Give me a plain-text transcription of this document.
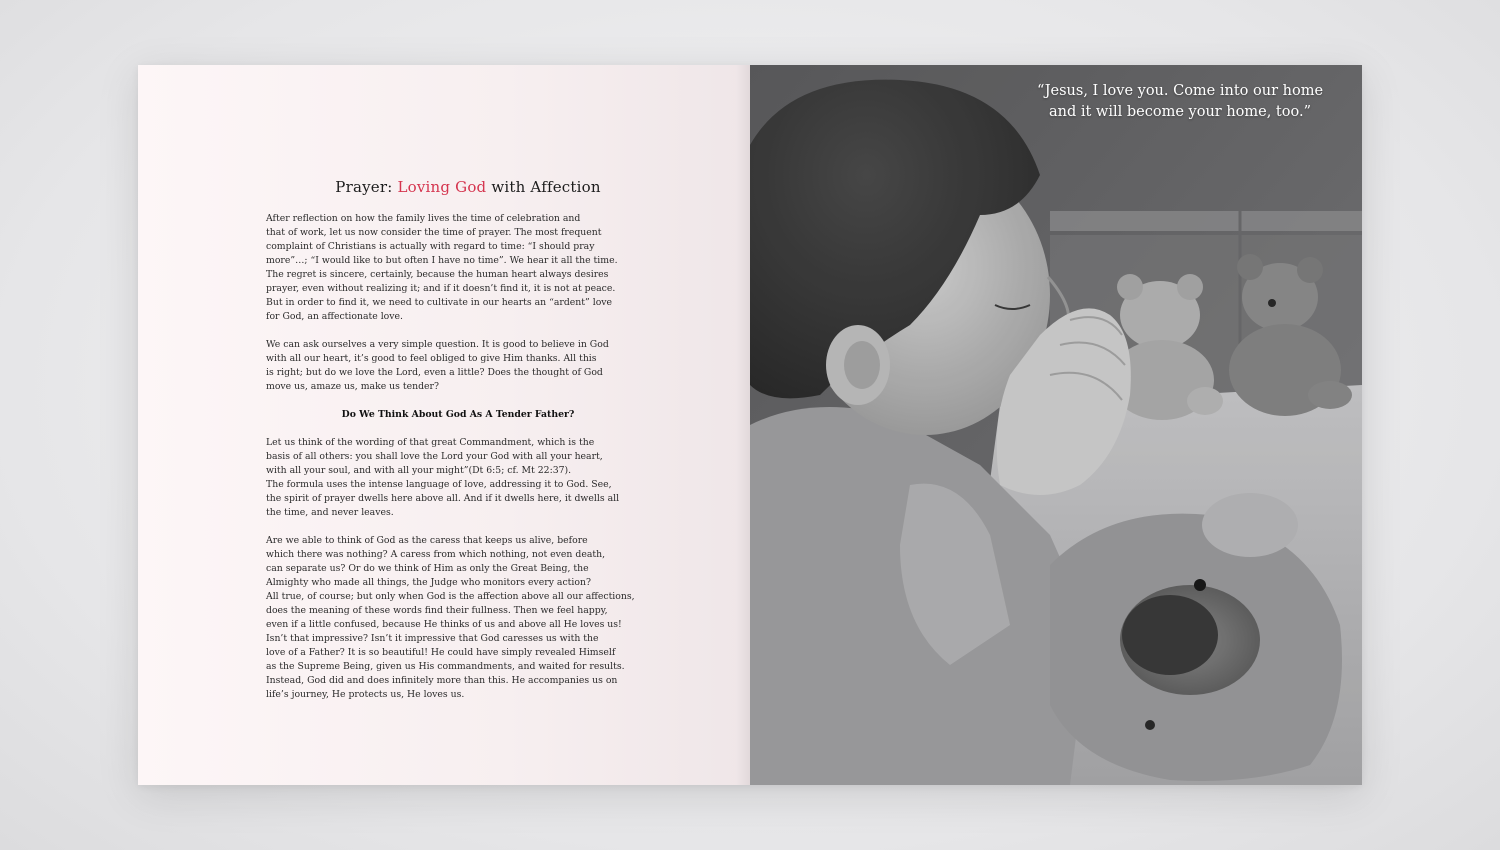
Prayer: Loving God with Affection

After reflection on how the family lives the time of celebration and
that of work, let us now consider the time of prayer. The most frequent
complaint of Christians is actually with regard to time: “I should pray
more”…; “I would like to but often I have no time”. We hear it all the time.
The regret is sincere, certainly, because the human heart always desires
prayer, even without realizing it; and if it doesn’t find it, it is not at peace.
But in order to find it, we need to cultivate in our hearts an “ardent” love
for God, an affectionate love.

We can ask ourselves a very simple question. It is good to believe in God
with all our heart, it’s good to feel obliged to give Him thanks. All this
is right; but do we love the Lord, even a little? Does the thought of God
move us, amaze us, make us tender?

Do We Think About God As A Tender Father?

Let us think of the wording of that great Commandment, which is the
basis of all others: you shall love the Lord your God with all your heart,
with all your soul, and with all your might”(Dt 6:5; cf. Mt 22:37).
The formula uses the intense language of love, addressing it to God. See,
the spirit of prayer dwells here above all. And if it dwells here, it dwells all
the time, and never leaves.

Are we able to think of God as the caress that keeps us alive, before
which there was nothing? A caress from which nothing, not even death,
can separate us? Or do we think of Him as only the Great Being, the
Almighty who made all things, the Judge who monitors every action?
All true, of course; but only when God is the affection above all our affections,
does the meaning of these words find their fullness. Then we feel happy,
even if a little confused, because He thinks of us and above all He loves us!
Isn’t that impressive? Isn’t it impressive that God caresses us with the
love of a Father? It is so beautiful! He could have simply revealed Himself
as the Supreme Being, given us His commandments, and waited for results.
Instead, God did and does infinitely more than this. He accompanies us on
life’s journey, He protects us, He loves us.

“Jesus, I love you. Come into our home
and it will become your home, too.”
